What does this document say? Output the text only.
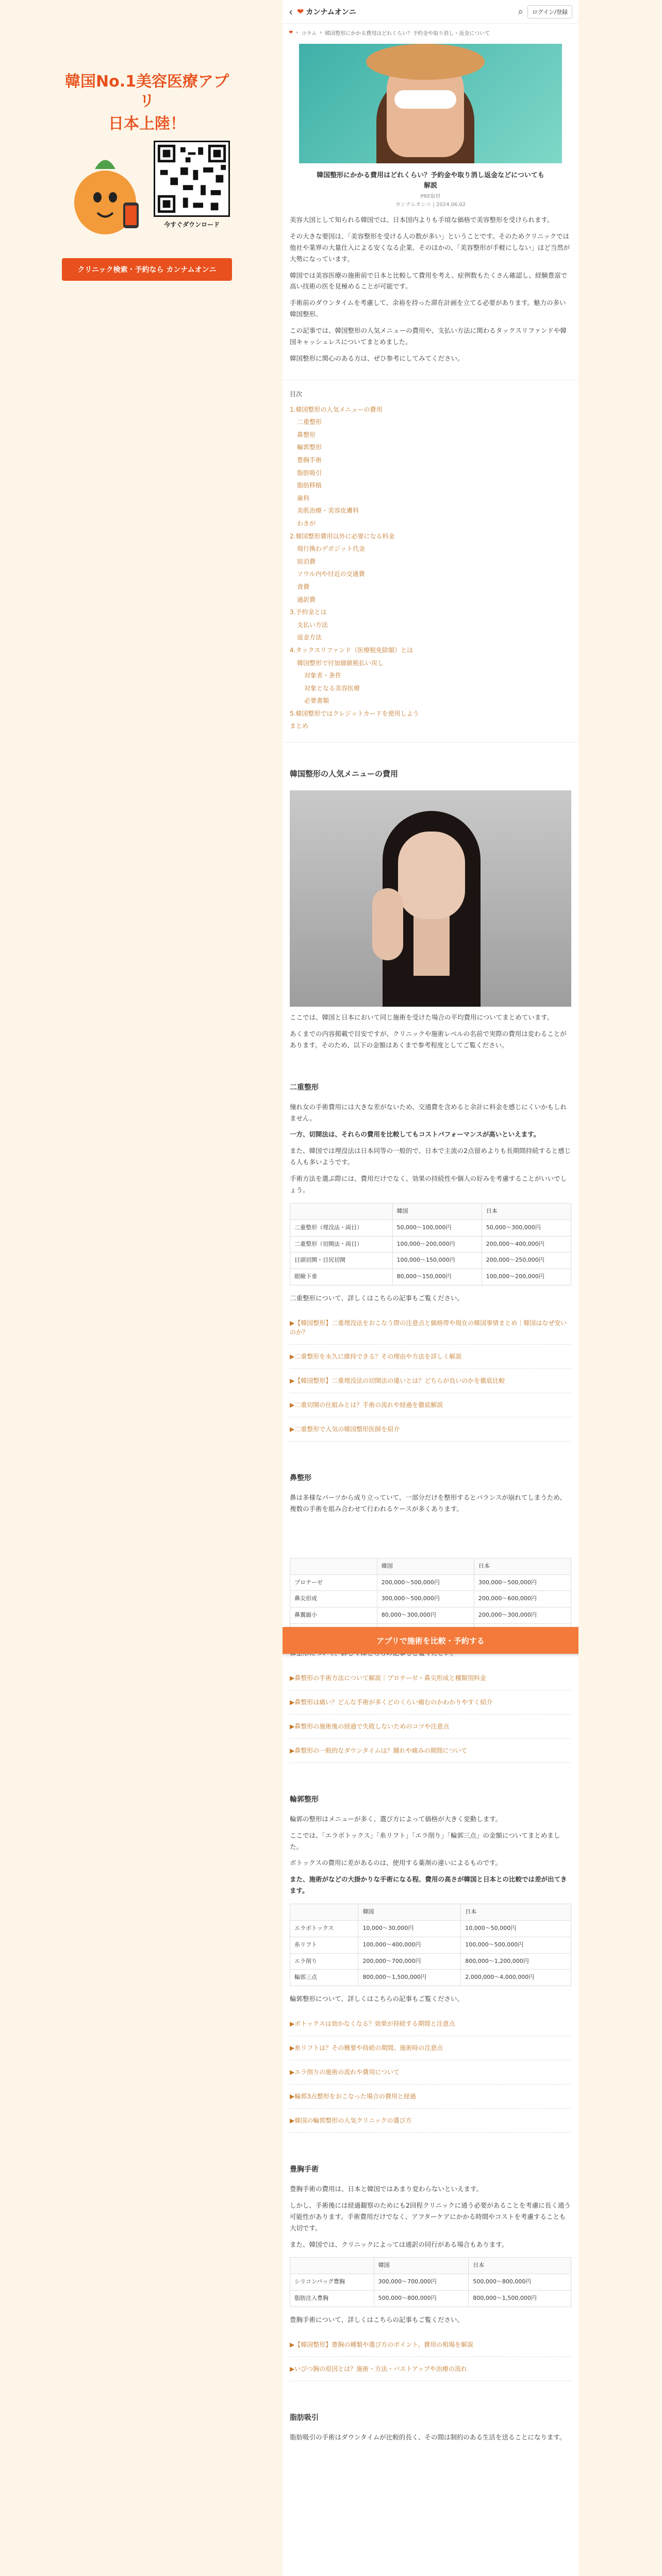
韓国No.1美容医療アプリ
日本上陸！
今すぐダウンロード
クリニック検索・予約なら カンナムオンニ
‹ ❤ カンナムオンニ	⌕	ログイン/登録
❤ › コラム › 韓国整形にかかる費用はどれくらい？予約金や取り消し・返金について
韓国整形にかかる費用はどれくらい？予約金や取り消し返金などについても解説
PRE取材
カンナムオンニ | 2024.06.02

美容大国として知られる韓国では、日本国内よりも手頃な価格で美容整形を受けられます。

その大きな要因は、「美容整形を受ける人の数が多い」ということです。そのためクリニックでは他社や業界の大量仕入による安くなる企業、そのほかの、「美容整形が手軽にしない」ほど当然が大勢になっています。

韓国では美容医療の施術前で日本と比較して費用を考え、症例数もたくさん確認し、経験豊富で高い技術の医を見極めることが可能です。

手術前のダウンタイムを考慮して、余裕を持った滞在計画を立てる必要があります。魅力の多い韓国整形。

この記事では、韓国整形の人気メニューの費用や、支払い方法に関わるタックスリファンドや韓国キャッシュレスについてまとめました。

韓国整形に関心のある方は、ぜひ参考にしてみてください。

目次
1.韓国整形の人気メニューの費用
二重整形
鼻整形
輪郭整形
豊胸手術
脂肪吸引
脂肪移植
歯科
美肌治療・美容皮膚科
わきが
2.韓国整形費用以外に必要になる料金
現行換わデポジット代金
宿泊費
ソウル内や付近の交通費
食費
通訳費
3.予約金とは
支払い方法
返金方法
4.タックスリファンド（医療税免除額）とは
韓国整形で付加価値税払い戻し
対象者・条件
対象となる美容医療
必要書類
5.韓国整形ではクレジットカードを使用しよう
まとめ
韓国整形の人気メニューの費用

ここでは、韓国と日本において同じ施術を受けた場合の平均費用についてまとめています。

あくまでの内容掲載で目安ですが、クリニックや施術レベルの名前で実際の費用は変わることがあります。そのため、以下の金額はあくまで参考程度としてご覧ください。

二重整形

憧れ女の手術費用には大きな差がないため、交通費を含めると余計に料金を感じにくいかもしれません。

一方、切開法は、それらの費用を比較してもコストパフォーマンスが高いといえます。

また、韓国では埋没法は日本同等の一般的で、日本で主流の2点留めよりも長期間持続すると感じる人も多いようです。

手術方法を選ぶ際には、費用だけでなく、効果の持続性や個人の好みを考慮することがいいでしょう。

	韓国	日本
二重整形（埋没法・両目）	50,000〜100,000円	50,000〜300,000円
二重整形（切開法・両目）	100,000〜200,000円	200,000〜400,000円
目頭切開・目尻切開	100,000〜150,000円	200,000〜250,000円
眼瞼下垂	80,000〜150,000円	100,000〜200,000円

二重整形について、詳しくはこちらの記事もご覧ください。

▶【韓国整形】二重埋没法をおこなう際の注意点と価格帯や現在の韓国事情まとめ｜韓国はなぜ安いのか？
▶二重整形を永久に維持できる？その理由や方法を詳しく解説
▶【韓国整形】二重埋没法の切開法の違いとは？どちらが良いのかを徹底比較
▶二重切開の仕組みとは？手術の流れや経過を徹底解説
▶二重整形で人気の韓国整形医師を紹介
鼻整形

鼻は多様なパーツから成り立っていて、一部分だけを整形するとバランスが崩れてしまうため、複数の手術を組み合わせて行われるケースが多くあります。

	韓国	日本
プロテーゼ	200,000〜500,000円	300,000〜500,000円
鼻尖形成	300,000〜500,000円	200,000〜600,000円
鼻翼縮小	80,000〜300,000円	200,000〜300,000円

▶鼻整形の手術方法について解説｜プロテーゼ・鼻尖形成と種類別料金
▶鼻整形は痛い？どんな手術が多くどのくらい痛むのかわかりやすく紹介
▶鼻整形の施術後の経過で失敗しないためのコツや注意点
▶鼻整形の一般的なダウンタイムは？腫れや痛みの期間について
輪郭整形

輪郭の整形はメニューが多く、選び方によって価格が大きく変動します。

ここでは、「エラボトックス」「糸リフト」「エラ削り」「輪郭三点」の金額についてまとめました。

ボトックスの費用に差があるのは、使用する薬剤の違いによるものです。

また、施術がなどの大掛かりな手術になる程、費用の高さが韓国と日本との比較では差が出てきます。

	韓国	日本
エラボトックス	10,000〜30,000円	10,000〜50,000円
糸リフト	100,000〜400,000円	100,000〜500,000円
エラ削り	200,000〜700,000円	800,000〜1,200,000円
輪郭三点	800,000〜1,500,000円	2,000,000〜4,000,000円

輪郭整形について、詳しくはこちらの記事もご覧ください。

▶ボトックスは効かなくなる？効果が持続する期間と注意点
▶糸リフトは？その概要や持続の期間、施術時の注意点
▶エラ削りの施術の流れや費用について
▶輪郭3点整形をおこなった場合の費用と経過
▶韓国の輪郭整形の人気クリニックの選び方
豊胸手術

豊胸手術の費用は、日本と韓国ではあまり変わらないといえます。

しかし、手術後には経過観察のためにも2回程クリニックに通う必要があることを考慮に長く通う可能性があります。手術費用だけでなく、アフターケアにかかる時間やコストを考慮することも大切です。

また、韓国では、クリニックによっては通訳の同行がある場合もあります。

	韓国	日本
シリコンバッグ豊胸	300,000〜700,000円	500,000〜800,000円
脂肪注入豊胸	500,000〜800,000円	800,000〜1,500,000円

豊胸手術について、詳しくはこちらの記事もご覧ください。

▶【韓国整形】豊胸の種類や選び方のポイント、費用の相場を解説
▶いびつ胸の原因とは？施術・方法・バストアップや治療の流れ
脂肪吸引

脂肪吸引の手術はダウンタイムが比較的長く、その間は制約のある生活を送ることになります。

アプリで施術を比較・予約する
